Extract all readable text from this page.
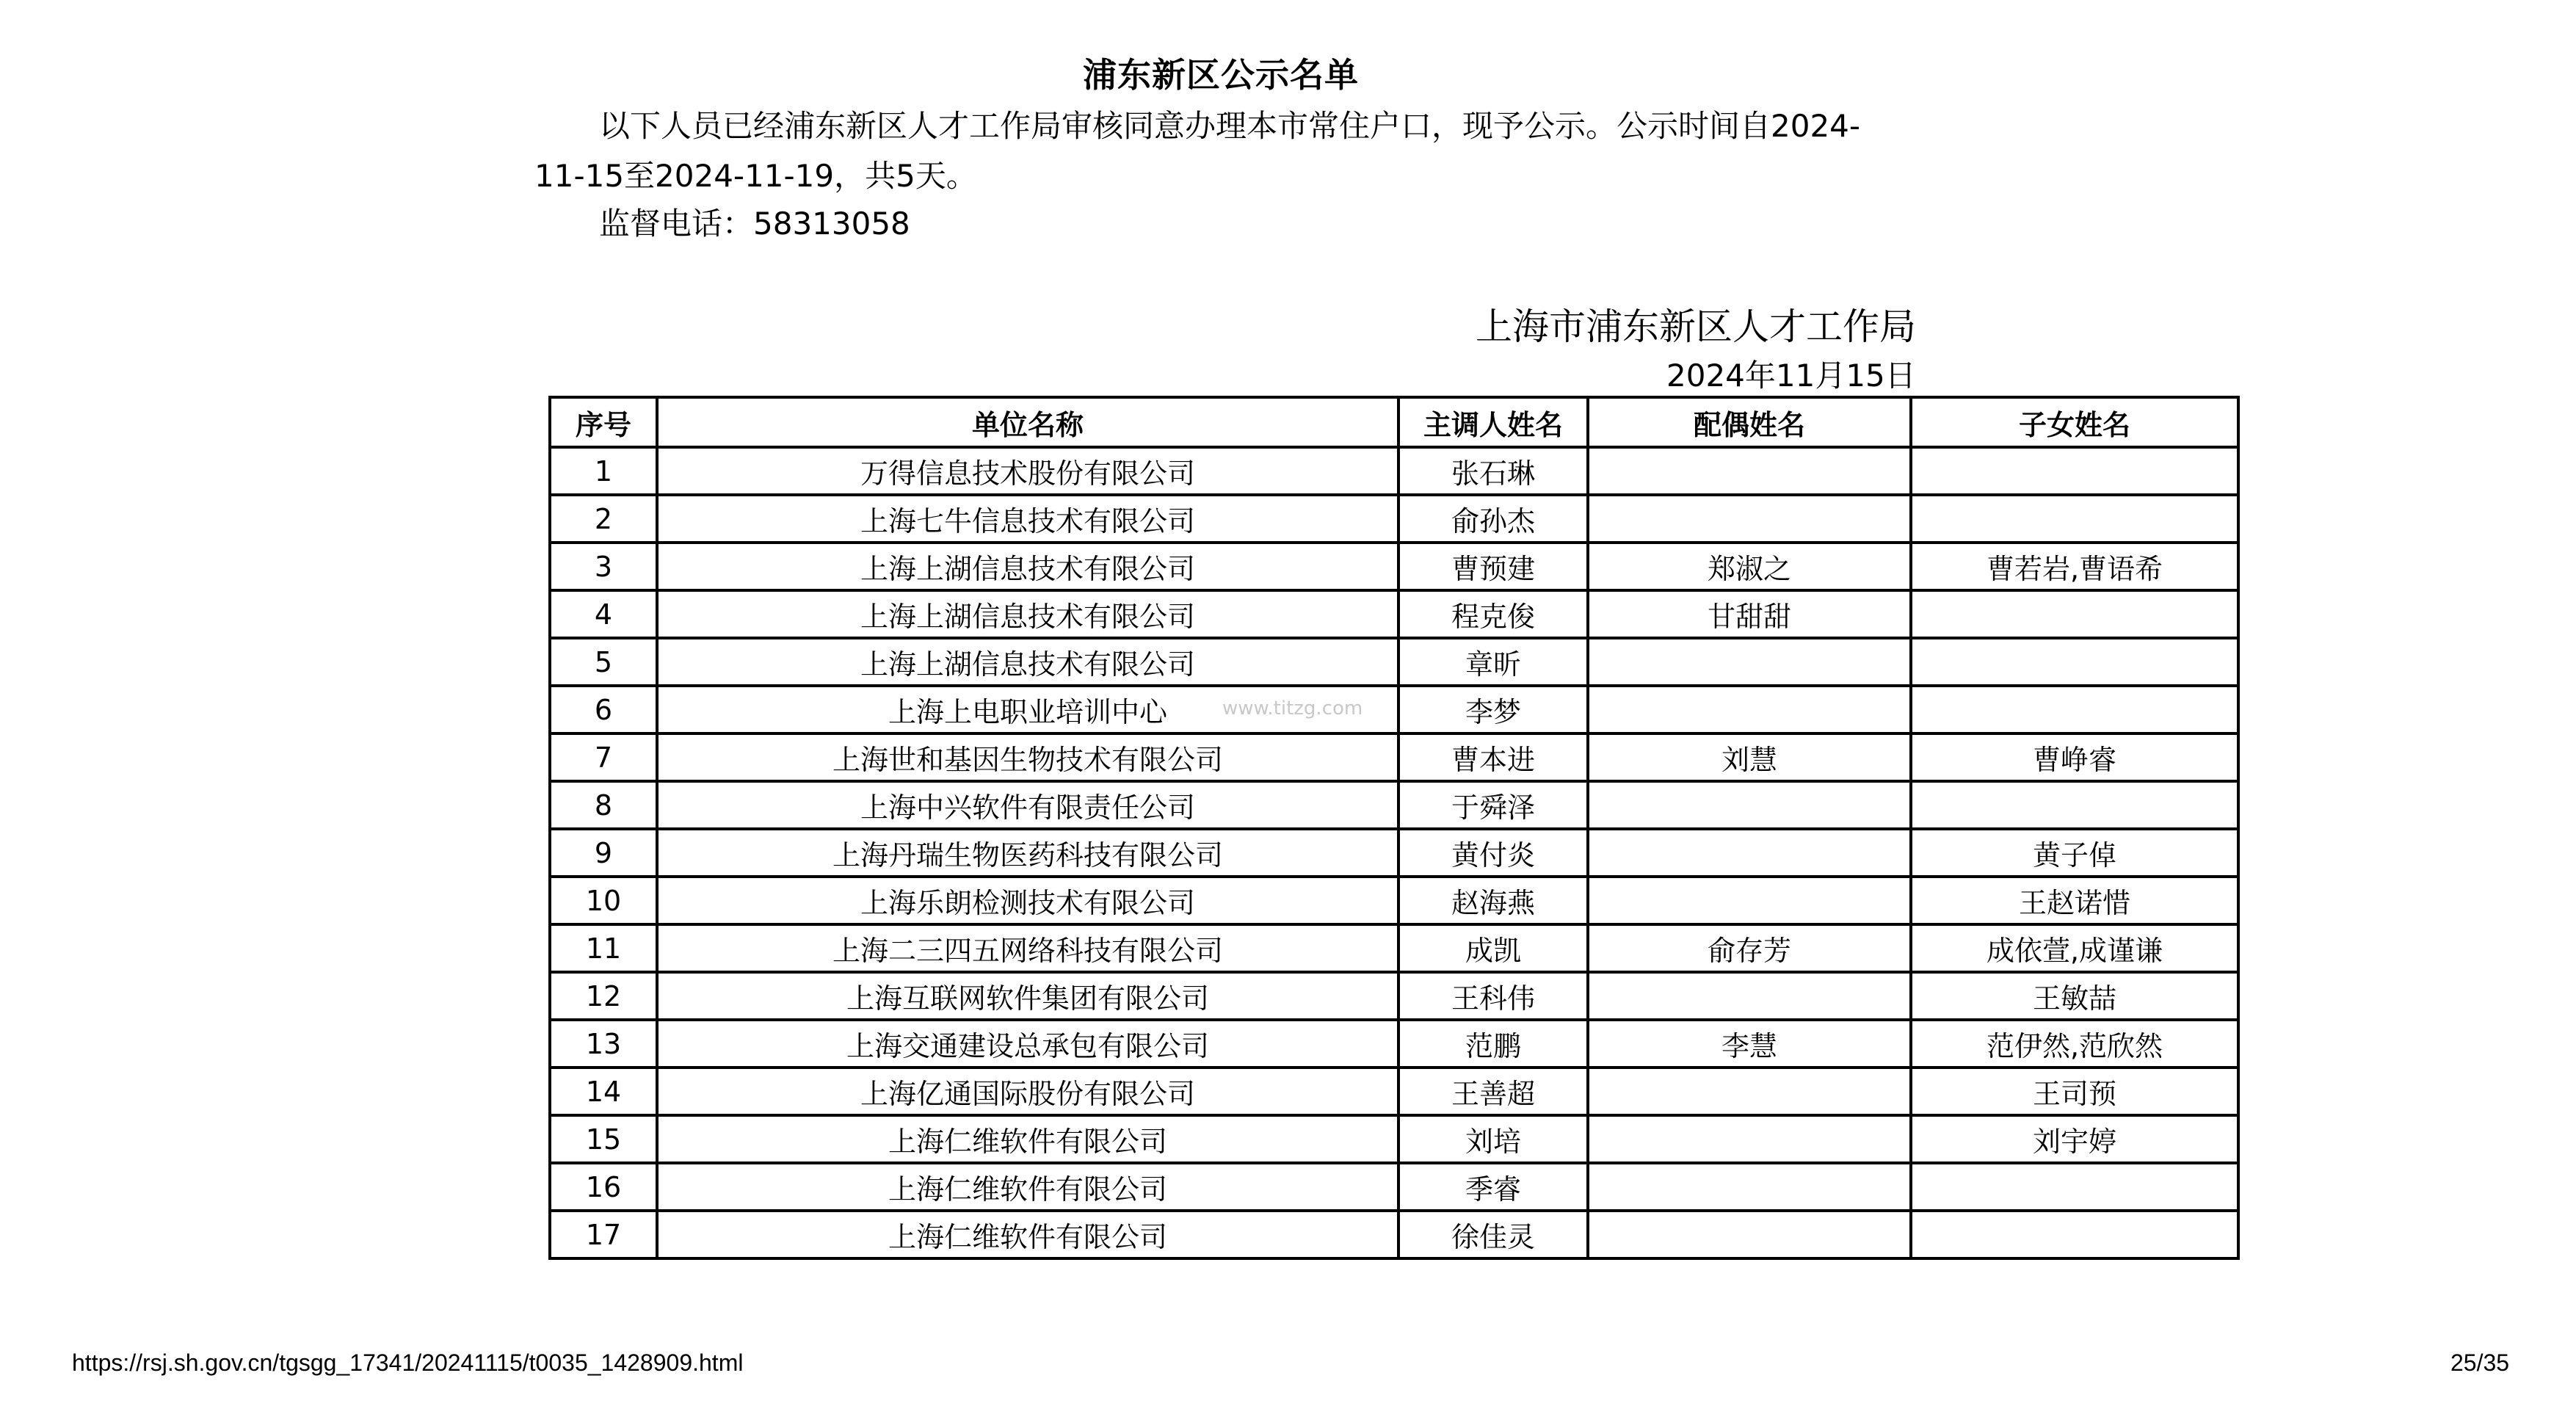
浦东新区公示名单
以下人员已经浦东新区人才工作局审核同意办理本市常住户口，现予公示。公示时间自2024-
11-15至2024-11-19，共5天。
监督电话：58313058
上海市浦东新区人才工作局
2024年11月15日
序号	单位名称	主调人姓名	配偶姓名	子女姓名
1	万得信息技术股份有限公司	张石琳		
2	上海七牛信息技术有限公司	俞孙杰		
3	上海上湖信息技术有限公司	曹预建	郑淑之	曹若岩,曹语希
4	上海上湖信息技术有限公司	程克俊	甘甜甜	
5	上海上湖信息技术有限公司	章昕		
6	上海上电职业培训中心	李梦		
7	上海世和基因生物技术有限公司	曹本进	刘慧	曹峥睿
8	上海中兴软件有限责任公司	于舜泽		
9	上海丹瑞生物医药科技有限公司	黄付炎		黄子倬
10	上海乐朗检测技术有限公司	赵海燕		王赵诺惜
11	上海二三四五网络科技有限公司	成凯	俞存芳	成依萱,成谨谦
12	上海互联网软件集团有限公司	王科伟		王敏喆
13	上海交通建设总承包有限公司	范鹏	李慧	范伊然,范欣然
14	上海亿通国际股份有限公司	王善超		王司预
15	上海仁维软件有限公司	刘培		刘宇婷
16	上海仁维软件有限公司	季睿		
17	上海仁维软件有限公司	徐佳灵		
www.titzg.com
https://rsj.sh.gov.cn/tgsgg_17341/20241115/t0035_1428909.html	25/35
